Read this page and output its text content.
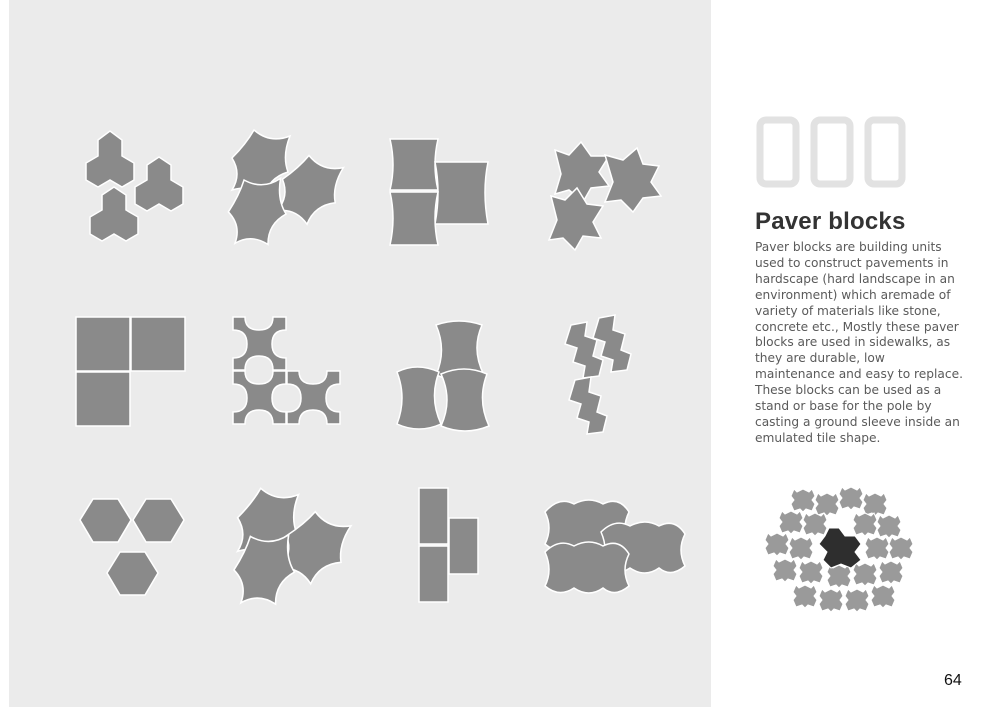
Paver blocks

Paver blocks are building units used to construct pavements in hardscape (hard landscape in an environment) which aremade of variety of materials like stone, concrete etc., Mostly these paver blocks are used in sidewalks, as they are durable, low maintenance and easy to replace. These blocks can be used as a stand or base for the pole by casting a ground sleeve inside an emulated tile shape.

64
